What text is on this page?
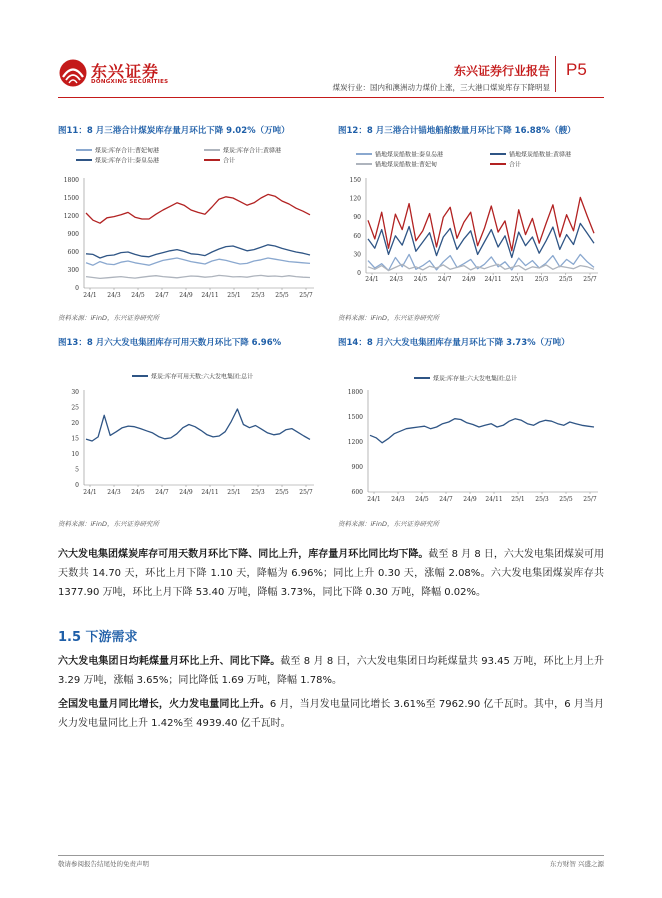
东兴证券
DONGXING SECURITIES
东兴证券行业报告
煤炭行业：国内和澳洲动力煤价上涨，三大港口煤炭库存下降明显
P5
图11：8 月三港合计煤炭库存量月环比下降 9.02%（万吨）
煤炭:库存合计:曹妃甸港	煤炭:库存合计:黄骅港
煤炭:库存合计:秦皇岛港	合计
0
300
600
900
1200
1500
1800
24/1 24/3 24/5 24/7 24/9 24/11 25/1 25/3 25/5 25/7
资料来源：iFinD，东兴证券研究所
图12：8 月三港合计锚地船舶数量月环比下降 16.88%（艘）
锚地煤炭船数量:秦皇岛港	锚地煤炭船数量:黄骅港
锚地煤炭船数量:曹妃甸	合计
0
30
60
90
120
150
24/1 24/3 24/5 24/7 24/9 24/11 25/1 25/3 25/5 25/7
资料来源：iFinD，东兴证券研究所
图13：8 月六大发电集团库存可用天数月环比下降 6.96%
煤炭:库存可用天数:六大发电集团:总计
0
5
10
15
20
25
30
24/1 24/3 24/5 24/7 24/9 24/11 25/1 25/3 25/5 25/7
资料来源：iFinD，东兴证券研究所
图14：8 月六大发电集团库存量月环比下降 3.73%（万吨）
煤炭:库存量:六大发电集团:总计
600
900
1200
1500
1800
24/1 24/3 24/5 24/7 24/9 24/11 25/1 25/3 25/5 25/7
资料来源：iFinD，东兴证券研究所
六大发电集团煤炭库存可用天数月环比下降、同比上升，库存量月环比同比均下降。截至 8 月 8 日，六大发电集团煤炭可用天数共 14.70 天，环比上月下降 1.10 天，降幅为 6.96%；同比上升 0.30 天，涨幅 2.08%。六大发电集团煤炭库存共 1377.90 万吨，环比上月下降 53.40 万吨，降幅 3.73%，同比下降 0.30 万吨，降幅 0.02%。
1.5 下游需求
六大发电集团日均耗煤量月环比上升、同比下降。截至 8 月 8 日，六大发电集团日均耗煤量共 93.45 万吨，环比上月上升 3.29 万吨，涨幅 3.65%；同比降低 1.69 万吨，降幅 1.78%。
全国发电量月同比增长，火力发电量同比上升。6 月，当月发电量同比增长 3.61%至 7962.90 亿千瓦时。其中，6 月当月火力发电量同比上升 1.42%至 4939.40 亿千瓦时。
敬请参阅报告结尾处的免责声明	东方财智 兴盛之源
